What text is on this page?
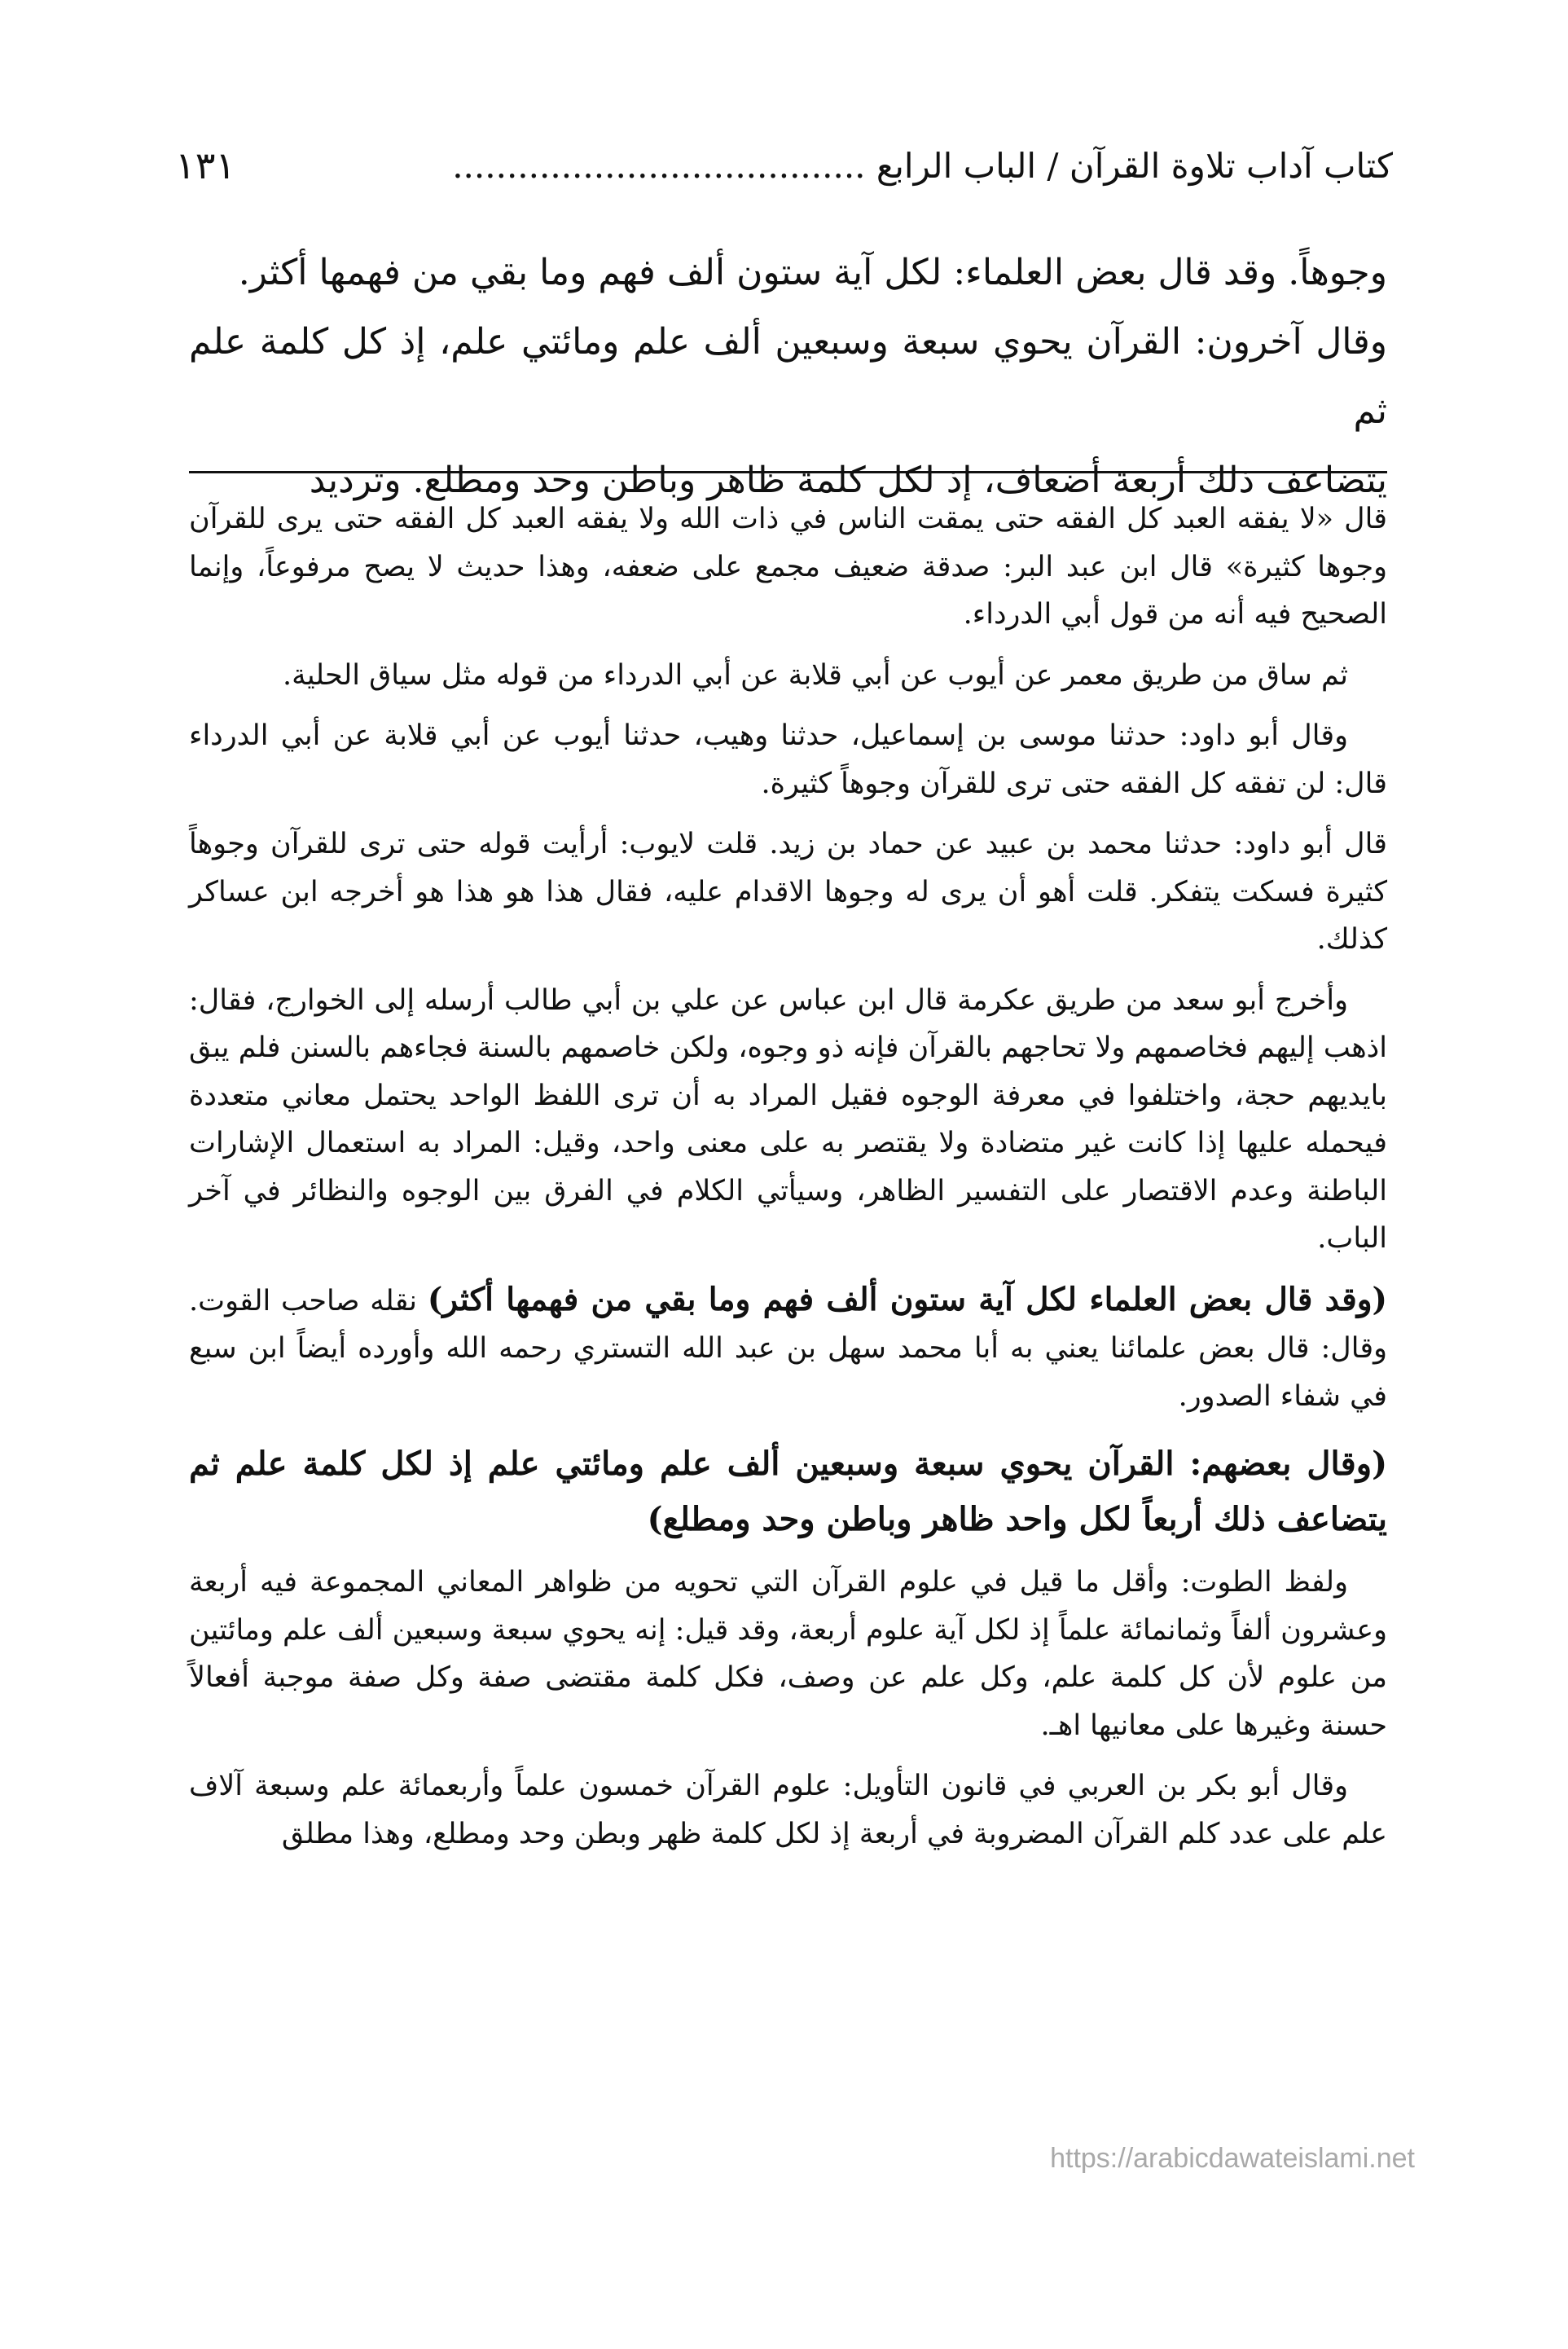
كتاب آداب تلاوة القرآن / الباب الرابع ......................................
١٣١

وجوهاً. وقد قال بعض العلماء: لكل آية ستون ألف فهم وما بقي من فهمها أكثر.

وقال آخرون: القرآن يحوي سبعة وسبعين ألف علم ومائتي علم، إذ كل كلمة علم ثم

يتضاعف ذلك أربعة أضعاف، إذ لكل كلمة ظاهر وباطن وحد ومطلع. وترديد

قال «لا يفقه العبد كل الفقه حتى يمقت الناس في ذات الله ولا يفقه العبد كل الفقه حتى يرى للقرآن وجوها كثيرة» قال ابن عبد البر: صدقة ضعيف مجمع على ضعفه، وهذا حديث لا يصح مرفوعاً، وإنما الصحيح فيه أنه من قول أبي الدرداء.

ثم ساق من طريق معمر عن أيوب عن أبي قلابة عن أبي الدرداء من قوله مثل سياق الحلية.

وقال أبو داود: حدثنا موسى بن إسماعيل، حدثنا وهيب، حدثنا أيوب عن أبي قلابة عن أبي الدرداء قال: لن تفقه كل الفقه حتى ترى للقرآن وجوهاً كثيرة.

قال أبو داود: حدثنا محمد بن عبيد عن حماد بن زيد. قلت لايوب: أرأيت قوله حتى ترى للقرآن وجوهاً كثيرة فسكت يتفكر. قلت أهو أن يرى له وجوها الاقدام عليه، فقال هذا هو هذا هو أخرجه ابن عساكر كذلك.

وأخرج أبو سعد من طريق عكرمة قال ابن عباس عن علي بن أبي طالب أرسله إلى الخوارج، فقال: اذهب إليهم فخاصمهم ولا تحاجهم بالقرآن فإنه ذو وجوه، ولكن خاصمهم بالسنة فجاءهم بالسنن فلم يبق بايديهم حجة، واختلفوا في معرفة الوجوه فقيل المراد به أن ترى اللفظ الواحد يحتمل معاني متعددة فيحمله عليها إذا كانت غير متضادة ولا يقتصر به على معنى واحد، وقيل: المراد به استعمال الإشارات الباطنة وعدم الاقتصار على التفسير الظاهر، وسيأتي الكلام في الفرق بين الوجوه والنظائر في آخر الباب.

(وقد قال بعض العلماء لكل آية ستون ألف فهم وما بقي من فهمها أكثر) نقله صاحب القوت. وقال: قال بعض علمائنا يعني به أبا محمد سهل بن عبد الله التستري رحمه الله وأورده أيضاً ابن سبع في شفاء الصدور.

(وقال بعضهم: القرآن يحوي سبعة وسبعين ألف علم ومائتي علم إذ لكل كلمة علم ثم يتضاعف ذلك أربعاً لكل واحد ظاهر وباطن وحد ومطلع)

ولفظ الطوت: وأقل ما قيل في علوم القرآن التي تحويه من ظواهر المعاني المجموعة فيه أربعة وعشرون ألفاً وثمانمائة علماً إذ لكل آية علوم أربعة، وقد قيل: إنه يحوي سبعة وسبعين ألف علم ومائتين من علوم لأن كل كلمة علم، وكل علم عن وصف، فكل كلمة مقتضى صفة وكل صفة موجبة أفعالاً حسنة وغيرها على معانيها اهـ.

وقال أبو بكر بن العربي في قانون التأويل: علوم القرآن خمسون علماً وأربعمائة علم وسبعة آلاف علم على عدد كلم القرآن المضروبة في أربعة إذ لكل كلمة ظهر وبطن وحد ومطلع، وهذا مطلق

https://arabicdawateislami.net
